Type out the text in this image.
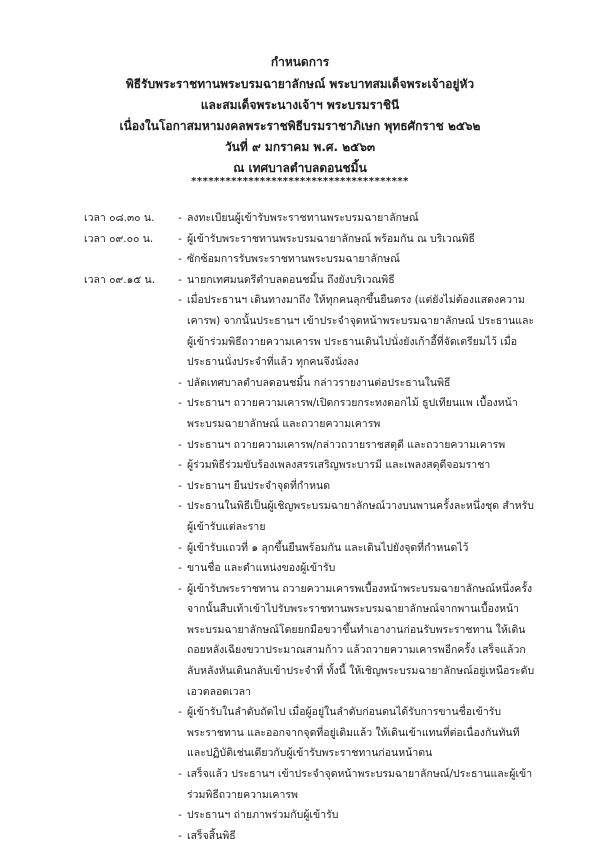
กำหนดการ
พิธีรับพระราชทานพระบรมฉายาลักษณ์ พระบาทสมเด็จพระเจ้าอยู่หัว
และสมเด็จพระนางเจ้าฯ พระบรมราชินี
เนื่องในโอกาสมหามงคลพระราชพิธีบรมราชาภิเษก พุทธศักราช ๒๕๖๒
วันที่ ๙ มกราคม พ.ศ. ๒๕๖๓
ณ เทศบาลตำบลดอนชมิ้น
**************************************
เวลา ๐๘.๓๐ น.	- ลงทะเบียนผู้เข้ารับพระราชทานพระบรมฉายาลักษณ์
เวลา ๐๙.๐๐ น.	- ผู้เข้ารับพระราชทานพระบรมฉายาลักษณ์ พร้อมกัน ณ บริเวณพิธี
- ซักซ้อมการรับพระราชทานพระบรมฉายาลักษณ์
เวลา ๐๙.๑๕ น.	- นายกเทศมนตรีตำบลดอนชมิ้น ถึงยังบริเวณพิธี
- เมื่อประธานฯ เดินทางมาถึง ให้ทุกคนลุกขึ้นยืนตรง (แต่ยังไม่ต้องแสดงความเคารพ) จากนั้นประธานฯ เข้าประจำจุดหน้าพระบรมฉายาลักษณ์ ประธานและผู้เข้าร่วมพิธีถวายความเคารพ ประธานเดินไปนั่งยังเก้าอี้ที่จัดเตรียมไว้ เมื่อประธานนั่งประจำที่แล้ว ทุกคนจึงนั่งลง
- ปลัดเทศบาลตำบลดอนชมิ้น กล่าวรายงานต่อประธานในพิธี
- ประธานฯ ถวายความเคารพ/เปิดกรวยกระทงดอกไม้ ธูปเทียนแพ เบื้องหน้าพระบรมฉายาลักษณ์ และถวายความเคารพ
- ประธานฯ ถวายความเคารพ/กล่าวถวายราชสดุดี และถวายความเคารพ
- ผู้ร่วมพิธีร่วมขับร้องเพลงสรรเสริญพระบารมี และเพลงสดุดีจอมราชา
- ประธานฯ ยืนประจำจุดที่กำหนด
- ประธานในพิธีเป็นผู้เชิญพระบรมฉายาลักษณ์วางบนพานครั้งละหนึ่งชุด สำหรับผู้เข้ารับแต่ละราย
- ผู้เข้ารับแถวที่ ๑ ลุกขึ้นยืนพร้อมกัน และเดินไปยังจุดที่กำหนดไว้
- ขานชื่อ และตำแหน่งของผู้เข้ารับ
- ผู้เข้ารับพระราชทาน ถวายความเคารพเบื้องหน้าพระบรมฉายาลักษณ์หนึ่งครั้ง จากนั้นสืบเท้าเข้าไปรับพระราชทานพระบรมฉายาลักษณ์จากพานเบื้องหน้าพระบรมฉายาลักษณ์โดยยกมือขวาขึ้นทำเอางานก่อนรับพระราชทาน ให้เดินถอยหลังเฉียงขวาประมาณสามก้าว แล้วถวายความเคารพอีกครั้ง เสร็จแล้วกลับหลังหันเดินกลับเข้าประจำที่ ทั้งนี้ ให้เชิญพระบรมฉายาลักษณ์อยู่เหนือระดับเอวตลอดเวลา
- ผู้เข้ารับในลำดับถัดไป เมื่อผู้อยู่ในลำดับก่อนตนได้รับการขานชื่อเข้ารับพระราชทาน และออกจากจุดที่อยู่เดิมแล้ว ให้เดินเข้าแทนที่ต่อเนื่องกันทันที และปฏิบัติเช่นเดียวกับผู้เข้ารับพระราชทานก่อนหน้าตน
- เสร็จแล้ว ประธานฯ เข้าประจำจุดหน้าพระบรมฉายาลักษณ์/ประธานและผู้เข้าร่วมพิธีถวายความเคารพ
- ประธานฯ ถ่ายภาพร่วมกับผู้เข้ารับ
- เสร็จสิ้นพิธี
